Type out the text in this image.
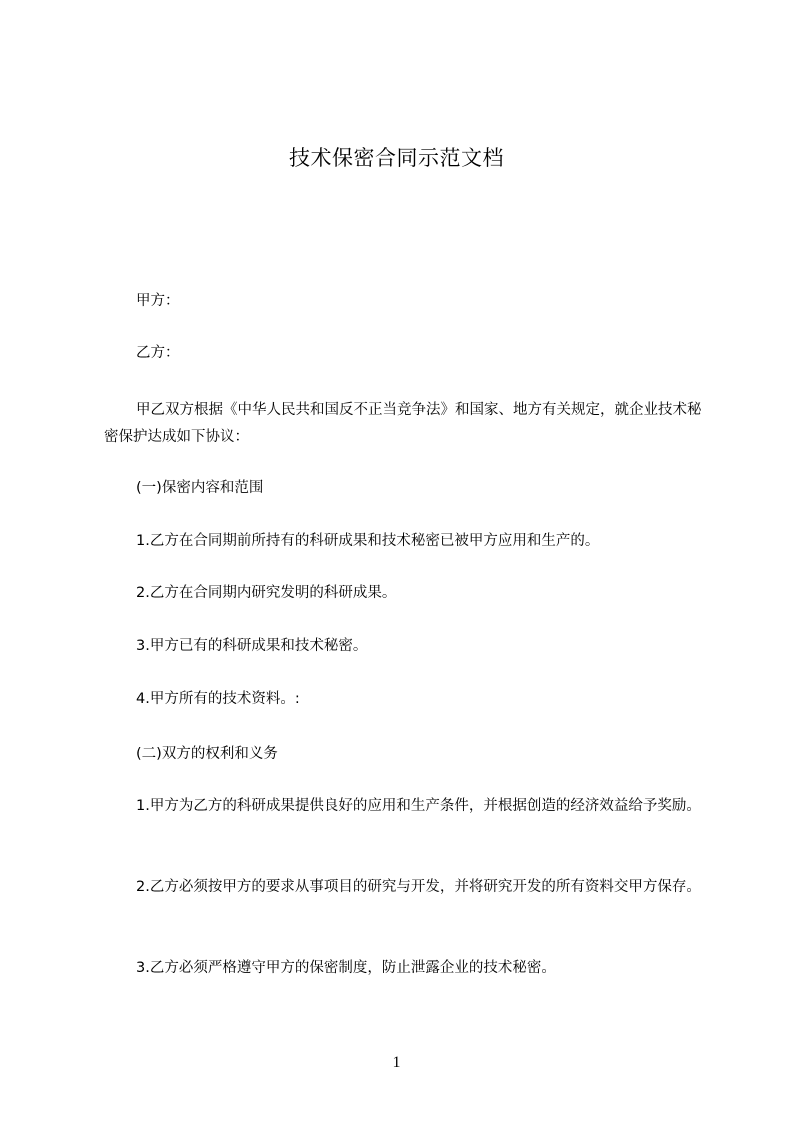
技术保密合同示范文档
甲方：
乙方：
甲乙双方根据《中华人民共和国反不正当竞争法》和国家、地方有关规定，就企业技术秘密保护达成如下协议：
(一)保密内容和范围
1.乙方在合同期前所持有的科研成果和技术秘密已被甲方应用和生产的。
2.乙方在合同期内研究发明的科研成果。
3.甲方已有的科研成果和技术秘密。
4.甲方所有的技术资料。:
(二)双方的权利和义务
1.甲方为乙方的科研成果提供良好的应用和生产条件，并根据创造的经济效益给予奖励。
2.乙方必须按甲方的要求从事项目的研究与开发，并将研究开发的所有资料交甲方保存。
3.乙方必须严格遵守甲方的保密制度，防止泄露企业的技术秘密。
1
